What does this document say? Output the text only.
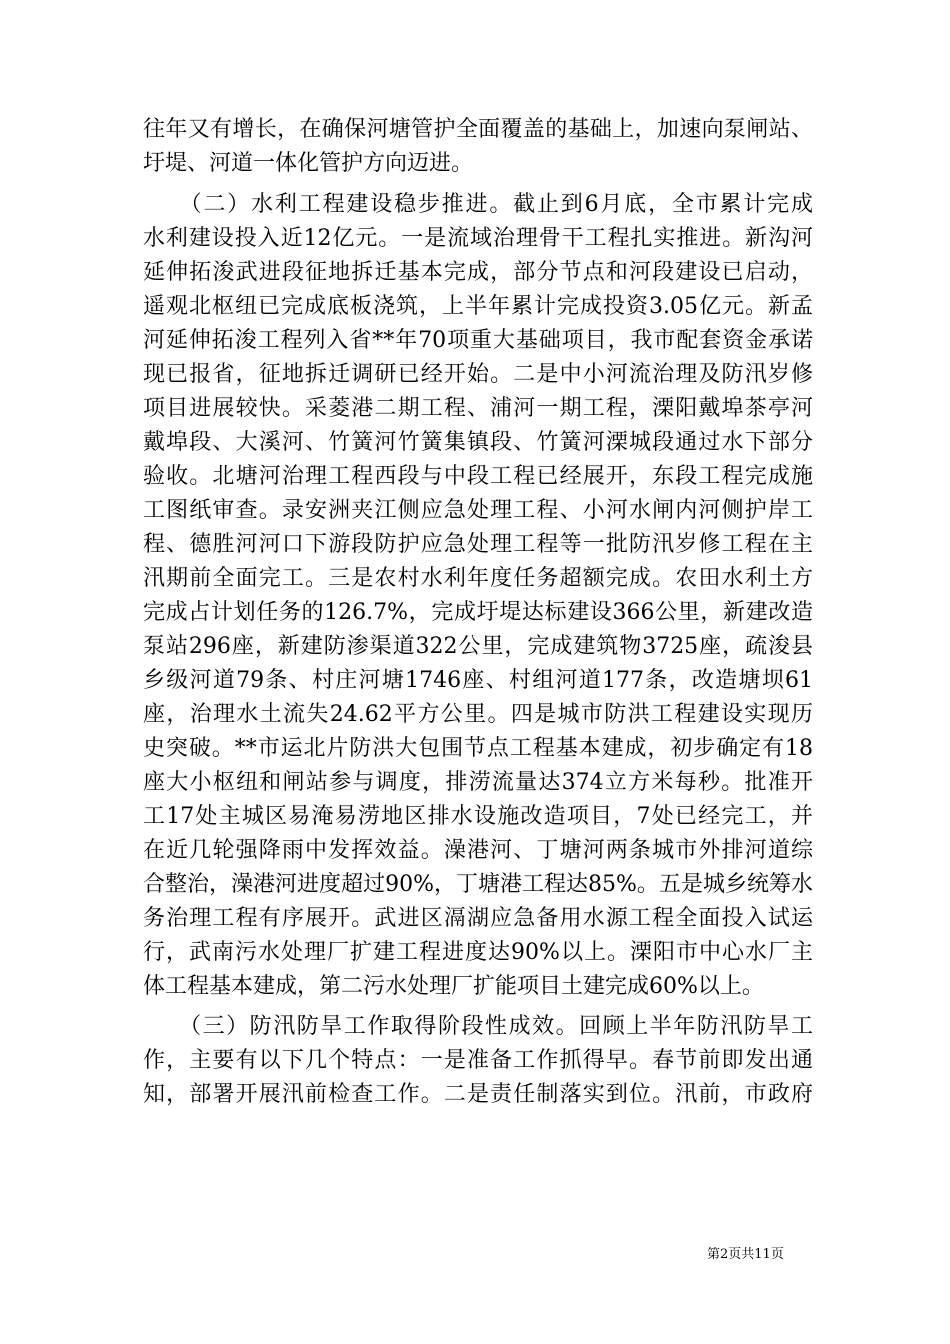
往年又有增长，在确保河塘管护全面覆盖的基础上，加速向泵闸站、
圩堤、河道一体化管护方向迈进。
　　（二）水利工程建设稳步推进。截止到6月底，全市累计完成
水利建设投入近12亿元。一是流域治理骨干工程扎实推进。新沟河
延伸拓浚武进段征地拆迁基本完成，部分节点和河段建设已启动，
遥观北枢纽已完成底板浇筑，上半年累计完成投资3.05亿元。新孟
河延伸拓浚工程列入省**年70项重大基础项目，我市配套资金承诺
现已报省，征地拆迁调研已经开始。二是中小河流治理及防汛岁修
项目进展较快。采菱港二期工程、浦河一期工程，溧阳戴埠茶亭河
戴埠段、大溪河、竹簧河竹簧集镇段、竹簧河溧城段通过水下部分
验收。北塘河治理工程西段与中段工程已经展开，东段工程完成施
工图纸审查。录安洲夹江侧应急处理工程、小河水闸内河侧护岸工
程、德胜河河口下游段防护应急处理工程等一批防汛岁修工程在主
汛期前全面完工。三是农村水利年度任务超额完成。农田水利土方
完成占计划任务的126.7%，完成圩堤达标建设366公里，新建改造
泵站296座，新建防渗渠道322公里，完成建筑物3725座，疏浚县
乡级河道79条、村庄河塘1746座、村组河道177条，改造塘坝61
座，治理水土流失24.62平方公里。四是城市防洪工程建设实现历
史突破。**市运北片防洪大包围节点工程基本建成，初步确定有18
座大小枢纽和闸站参与调度，排涝流量达374立方米每秒。批准开
工17处主城区易淹易涝地区排水设施改造项目，7处已经完工，并
在近几轮强降雨中发挥效益。澡港河、丁塘河两条城市外排河道综
合整治，澡港河进度超过90%，丁塘港工程达85%。五是城乡统筹水
务治理工程有序展开。武进区滆湖应急备用水源工程全面投入试运
行，武南污水处理厂扩建工程进度达90%以上。溧阳市中心水厂主
体工程基本建成，第二污水处理厂扩能项目土建完成60%以上。
　　（三）防汛防旱工作取得阶段性成效。回顾上半年防汛防旱工
作，主要有以下几个特点：一是准备工作抓得早。春节前即发出通
知，部署开展汛前检查工作。二是责任制落实到位。汛前，市政府
第2页共11页
